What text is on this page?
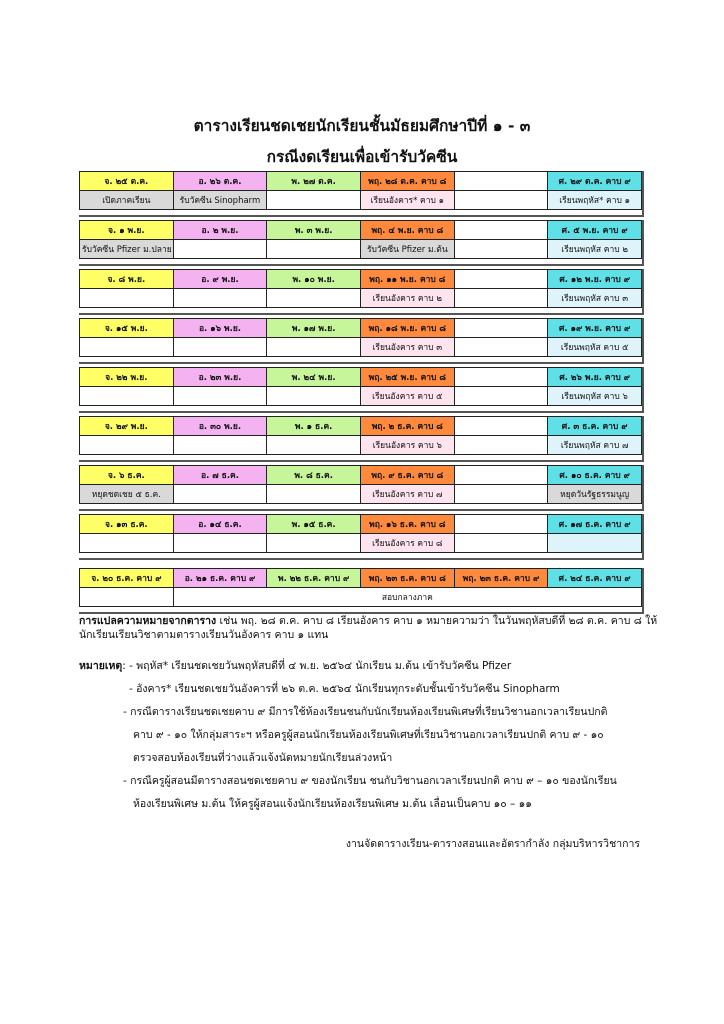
ตารางเรียนชดเชยนักเรียนชั้นมัธยมศึกษาปีที่ ๑ - ๓
กรณีงดเรียนเพื่อเข้ารับวัคซีน
จ. ๒๕ ต.ค.	อ. ๒๖ ต.ค.	พ. ๒๗ ต.ค.	พฤ. ๒๘ ต.ค. คาบ ๘		ศ. ๒๙ ต.ค. คาบ ๙
เปิดภาคเรียน	รับวัคซีน Sinopharm		เรียนอังคาร* คาบ ๑		เรียนพฤหัส* คาบ ๑
จ. ๑ พ.ย.	อ. ๒ พ.ย.	พ. ๓ พ.ย.	พฤ. ๔ พ.ย. คาบ ๘		ศ. ๕ พ.ย. คาบ ๙
รับวัคซีน Pfizer ม.ปลาย			รับวัคซีน Pfizer ม.ต้น		เรียนพฤหัส คาบ ๒
จ. ๘ พ.ย.	อ. ๙ พ.ย.	พ. ๑๐ พ.ย.	พฤ. ๑๑ พ.ย. คาบ ๘		ศ. ๑๒ พ.ย. คาบ ๙
			เรียนอังคาร คาบ ๒		เรียนพฤหัส คาบ ๓
จ. ๑๕ พ.ย.	อ. ๑๖ พ.ย.	พ. ๑๗ พ.ย.	พฤ. ๑๘ พ.ย. คาบ ๘		ศ. ๑๙ พ.ย. คาบ ๙
			เรียนอังคาร คาบ ๓		เรียนพฤหัส คาบ ๕
จ. ๒๒ พ.ย.	อ. ๒๓ พ.ย.	พ. ๒๔ พ.ย.	พฤ. ๒๕ พ.ย. คาบ ๘		ศ. ๒๖ พ.ย. คาบ ๙
			เรียนอังคาร คาบ ๕		เรียนพฤหัส คาบ ๖
จ. ๒๙ พ.ย.	อ. ๓๐ พ.ย.	พ. ๑ ธ.ค.	พฤ. ๒ ธ.ค. คาบ ๘		ศ. ๓ ธ.ค. คาบ ๙
			เรียนอังคาร คาบ ๖		เรียนพฤหัส คาบ ๗
จ. ๖ ธ.ค.	อ. ๗ ธ.ค.	พ. ๘ ธ.ค.	พฤ. ๙ ธ.ค. คาบ ๘		ศ. ๑๐ ธ.ค. คาบ ๙
หยุดชดเชย ๕ ธ.ค.			เรียนอังคาร คาบ ๗		หยุดวันรัฐธรรมนูญ
จ. ๑๓ ธ.ค.	อ. ๑๔ ธ.ค.	พ. ๑๕ ธ.ค.	พฤ. ๑๖ ธ.ค. คาบ ๘		ศ. ๑๗ ธ.ค. คาบ ๙
			เรียนอังคาร คาบ ๘		
จ. ๒๐ ธ.ค. คาบ ๙	อ. ๒๑ ธ.ค. คาบ ๙	พ. ๒๒ ธ.ค. คาบ ๙	พฤ. ๒๓ ธ.ค. คาบ ๘	พฤ. ๒๓ ธ.ค. คาบ ๙	ศ. ๒๔ ธ.ค. คาบ ๙
	สอบกลางภาค				
การแปลความหมายจากตาราง เช่น พฤ. ๒๘ ต.ค. คาบ ๘ เรียนอังคาร คาบ ๑ หมายความว่า ในวันพฤหัสบดีที่ ๒๘ ต.ค. คาบ ๘ ให้นักเรียนเรียนวิชาตามตารางเรียนวันอังคาร คาบ ๑ แทน
หมายเหตุ: - พฤหัส* เรียนชดเชยวันพฤหัสบดีที่ ๔ พ.ย. ๒๕๖๔ นักเรียน ม.ต้น เข้ารับวัคซีน Pfizer
- อังคาร* เรียนชดเชยวันอังคารที่ ๒๖ ต.ค. ๒๕๖๔ นักเรียนทุกระดับชั้นเข้ารับวัคซีน Sinopharm
- กรณีตารางเรียนชดเชยคาบ ๙ มีการใช้ห้องเรียนชนกับนักเรียนห้องเรียนพิเศษที่เรียนวิชานอกเวลาเรียนปกติ
คาบ ๙ - ๑๐ ให้กลุ่มสาระฯ หรือครูผู้สอนนักเรียนห้องเรียนพิเศษที่เรียนวิชานอกเวลาเรียนปกติ คาบ ๙ - ๑๐
ตรวจสอบห้องเรียนที่ว่างแล้วแจ้งนัดหมายนักเรียนล่วงหน้า
- กรณีครูผู้สอนมีตารางสอนชดเชยคาบ ๙ ของนักเรียน ชนกับวิชานอกเวลาเรียนปกติ คาบ ๙ – ๑๐ ของนักเรียน
ห้องเรียนพิเศษ ม.ต้น ให้ครูผู้สอนแจ้งนักเรียนห้องเรียนพิเศษ ม.ต้น เลื่อนเป็นคาบ ๑๐ – ๑๑
งานจัดตารางเรียน-ตารางสอนและอัตรากำลัง กลุ่มบริหารวิชาการ
